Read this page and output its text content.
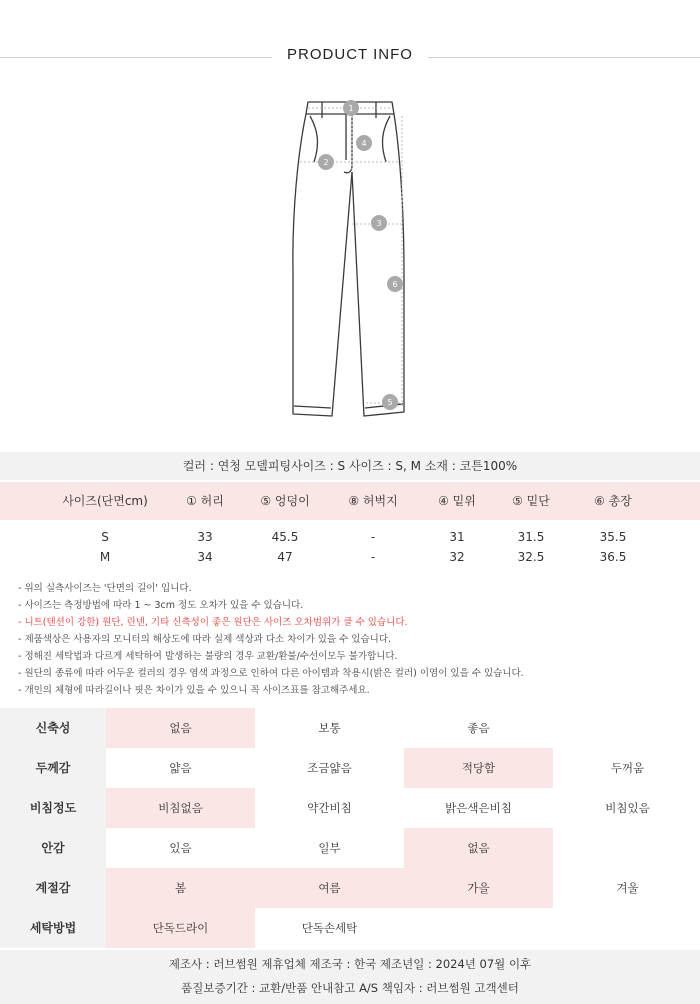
PRODUCT INFO
1
2
3
4
5
6
컬러 : 연청 모델피팅사이즈 : S 사이즈 : S, M 소재 : 코튼100%
사이즈(단면cm)	① 허리	⑤ 엉덩이	⑧ 허벅지	④ 밑위	⑤ 밑단	⑥ 총장
S	33	45.5	-	31	31.5	35.5
M	34	47	-	32	32.5	36.5
- 위의 실측사이즈는 '단면의 길이' 입니다.
- 사이즈는 측정방법에 따라 1 ~ 3cm 정도 오차가 있을 수 있습니다.
- 니트(텐션이 강한) 원단, 린넨, 기타 신축성이 좋은 원단은 사이즈 오차범위가 클 수 있습니다.
- 제품색상은 사용자의 모니터의 해상도에 따라 실제 색상과 다소 차이가 있을 수 있습니다.
- 정해진 세탁법과 다르게 세탁하여 발생하는 불량의 경우 교환/환불/수선이모두 불가합니다.
- 원단의 종류에 따라 어두운 컬러의 경우 염색 과정으로 인하여 다른 아이템과 착용시(밝은 컬러) 이염이 있을 수 있습니다.
- 개인의 체형에 따라길이나 핏은 차이가 있을 수 있으니 꼭 사이즈표를 참고해주세요.
신축성	없음	보통	좋음
두께감	얇음	조금얇음	적당함	두꺼움
비침정도	비침없음	약간비침	밝은색은비침	비침있음
안감	있음	일부	없음
계절감	봄	여름	가을	겨울
세탁방법	단독드라이	단독손세탁
제조사 : 러브썸원 제휴업체 제조국 : 한국 제조년일 : 2024년 07월 이후
품질보증기간 : 교환/반품 안내참고 A/S 책임자 : 러브썸원 고객센터
